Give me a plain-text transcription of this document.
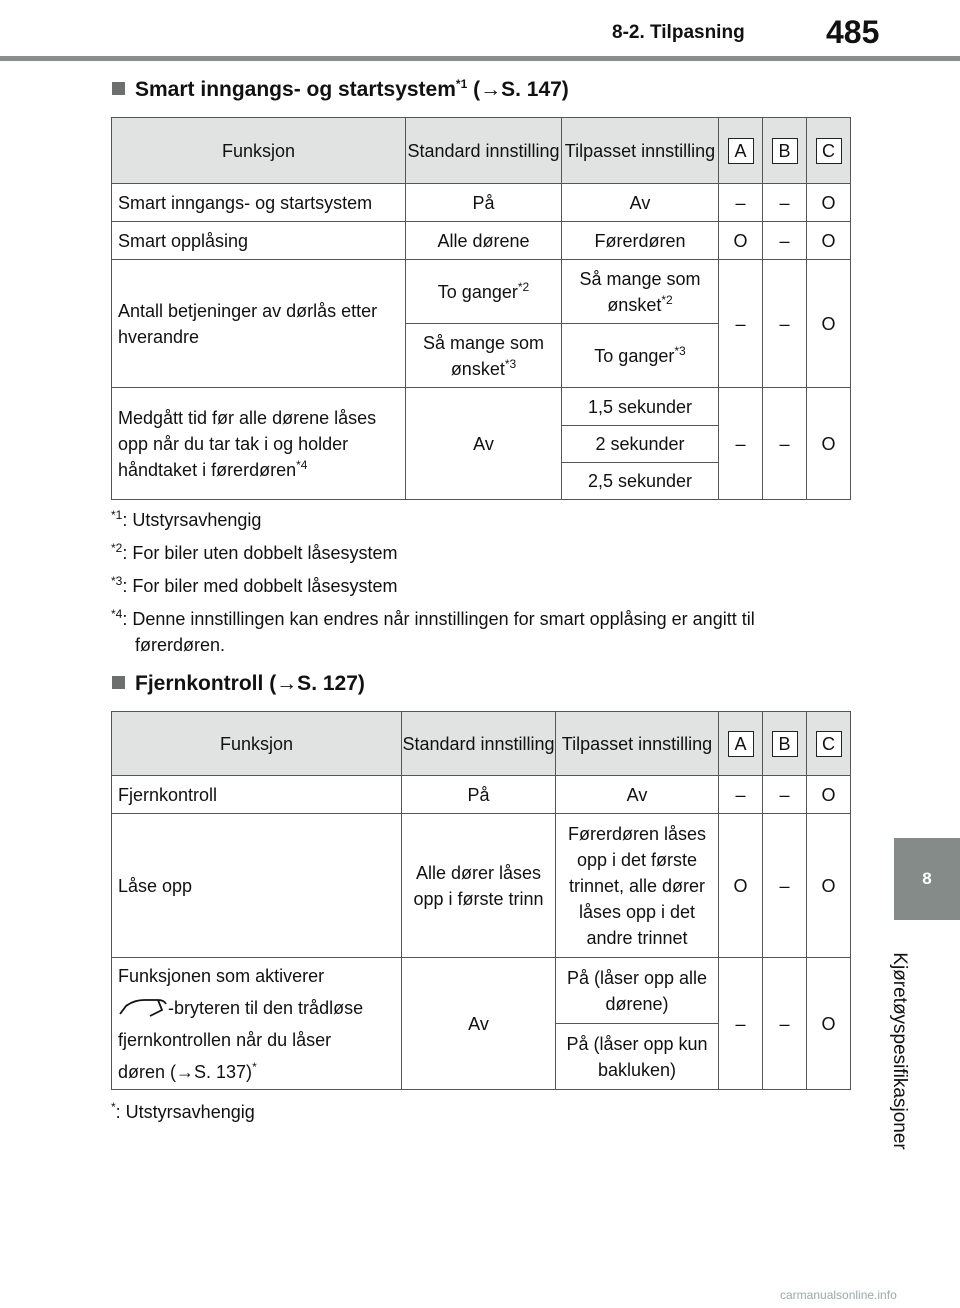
8-2. Tilpasning	485
8
Kjøretøyspesifikasjoner
Smart inngangs- og startsystem$^{*1}$ (→S. 147)
Funksjon	Standard innstilling	Tilpasset innstilling	A	B	C
Smart inngangs- og startsystem	På	Av	–	–	O
Smart opplåsing	Alle dørene	Førerdøren	O	–	O
Antall betjeninger av dørlås etter hverandre	To ganger$^{*2}$	Så mange som ønsket$^{*2}$	–	–	O
	Så mange som ønsket$^{*3}$	To ganger$^{*3}$
Medgått tid før alle dørene låses opp når du tar tak i og holder håndtaket i førerdøren$^{*4}$	Av	1,5 sekunder	–	–	O
		2 sekunder			
		2,5 sekunder			
$^{*1}$: Utstyrsavhengig
$^{*2}$: For biler uten dobbelt låsesystem
$^{*3}$: For biler med dobbelt låsesystem
$^{*4}$: Denne innstillingen kan endres når innstillingen for smart opplåsing er angitt til
førerdøren.
Fjernkontroll (→S. 127)
Funksjon	Standard innstilling	Tilpasset innstilling	A	B	C
Fjernkontroll	På	Av	–	–	O
Låse opp	Alle dører låses opp i første trinn	Førerdøren låses opp i det første trinnet, alle dører låses opp i det andre trinnet	O	–	O

Funksjonen som aktiverer
-bryteren til den trådløse fjernkontrollen når du låser
døren (→S. 137)*	Av	På (låser opp alle dørene)	–	–	O
		På (låser opp kun bakluken)			
*: Utstyrsavhengig
carmanualsonline.info
